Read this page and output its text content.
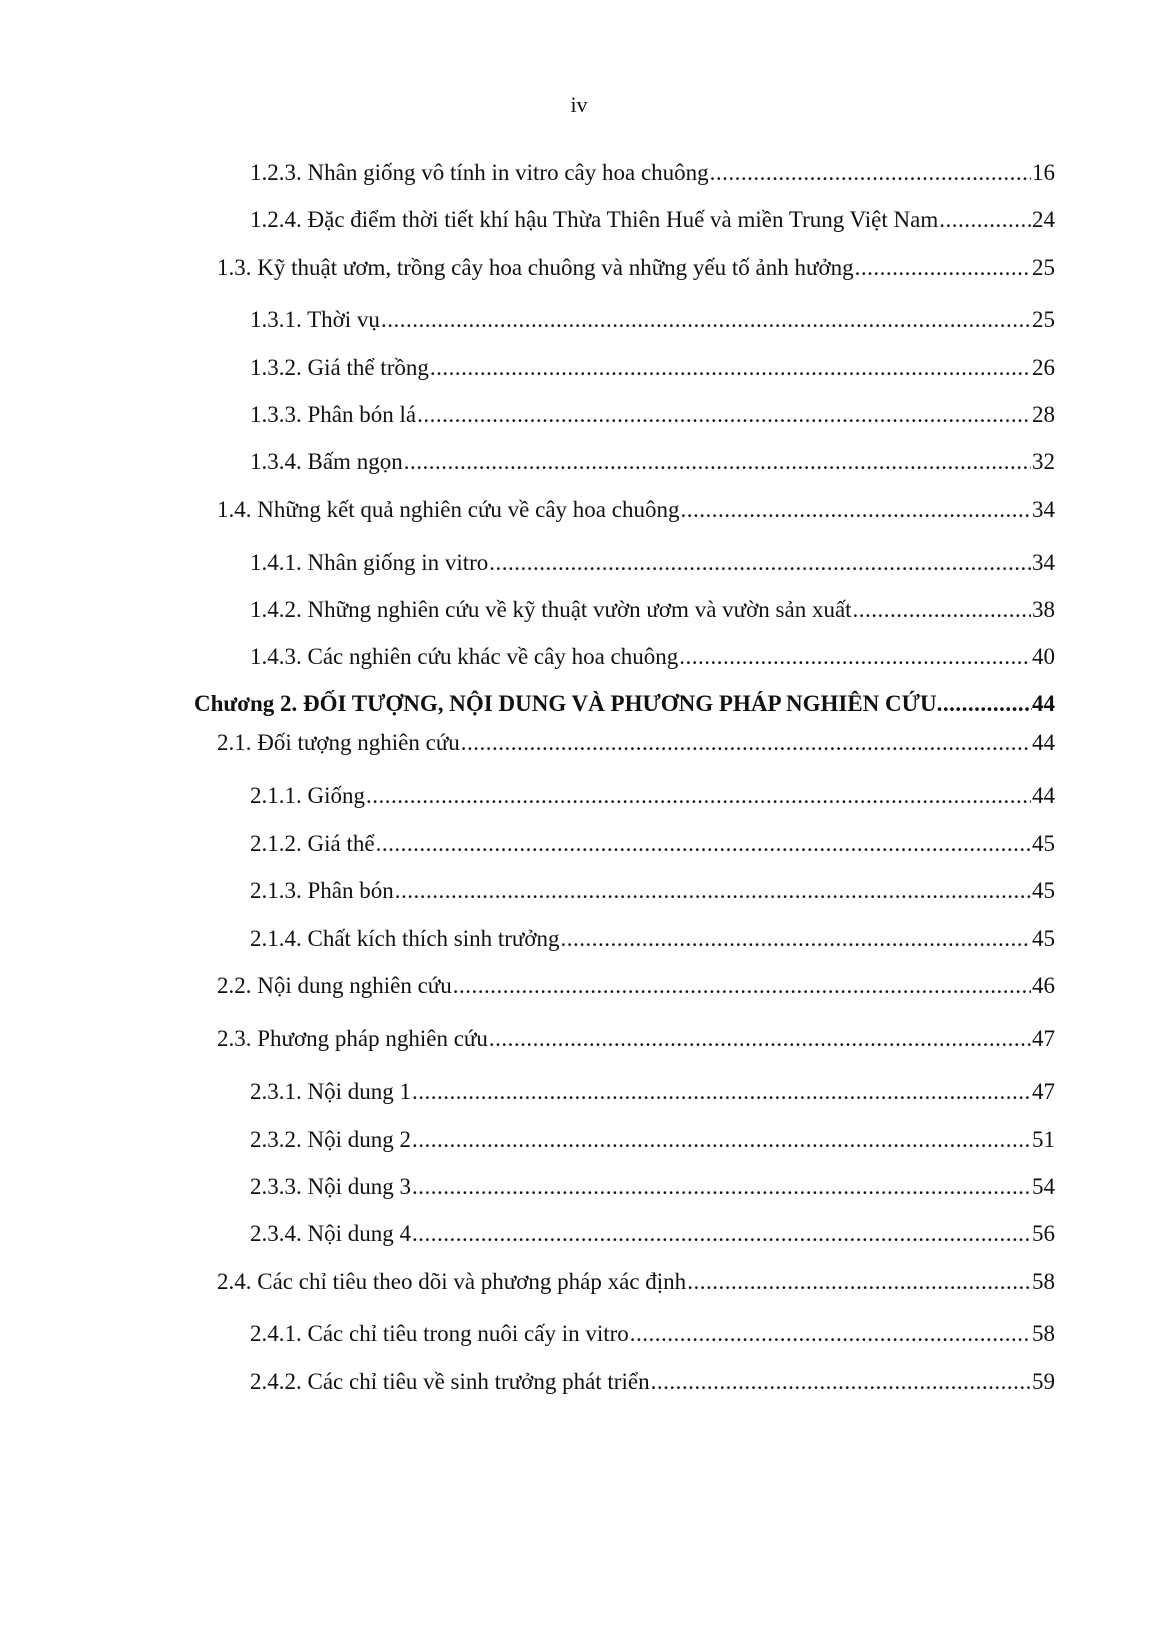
iv
1.2.3. Nhân giống vô tính in vitro cây hoa chuông .....	16
1.2.4. Đặc điểm thời tiết khí hậu Thừa Thiên Huế và miền Trung Việt Nam .....	24
1.3. Kỹ thuật ươm, trồng cây hoa chuông và những yếu tố ảnh hưởng .....	25
1.3.1. Thời vụ .....	25
1.3.2. Giá thể trồng .....	26
1.3.3. Phân bón lá .....	28
1.3.4. Bấm ngọn .....	32
1.4. Những kết quả nghiên cứu về cây hoa chuông .....	34
1.4.1. Nhân giống in vitro .....	34
1.4.2. Những nghiên cứu về kỹ thuật vườn ươm và vườn sản xuất .....	38
1.4.3. Các nghiên cứu khác về cây hoa chuông .....	40
Chương 2. ĐỐI TƯỢNG, NỘI DUNG VÀ PHƯƠNG PHÁP NGHIÊN CỨU .....	44
2.1. Đối tượng nghiên cứu .....	44
2.1.1. Giống .....	44
2.1.2. Giá thể .....	45
2.1.3. Phân bón .....	45
2.1.4. Chất kích thích sinh trưởng .....	45
2.2. Nội dung nghiên cứu .....	46
2.3. Phương pháp nghiên cứu .....	47
2.3.1. Nội dung 1 .....	47
2.3.2. Nội dung 2 .....	51
2.3.3. Nội dung 3 .....	54
2.3.4. Nội dung 4 .....	56
2.4. Các chỉ tiêu theo dõi và phương pháp xác định .....	58
2.4.1. Các chỉ tiêu trong nuôi cấy in vitro .....	58
2.4.2. Các chỉ tiêu về sinh trưởng phát triển .....	59
